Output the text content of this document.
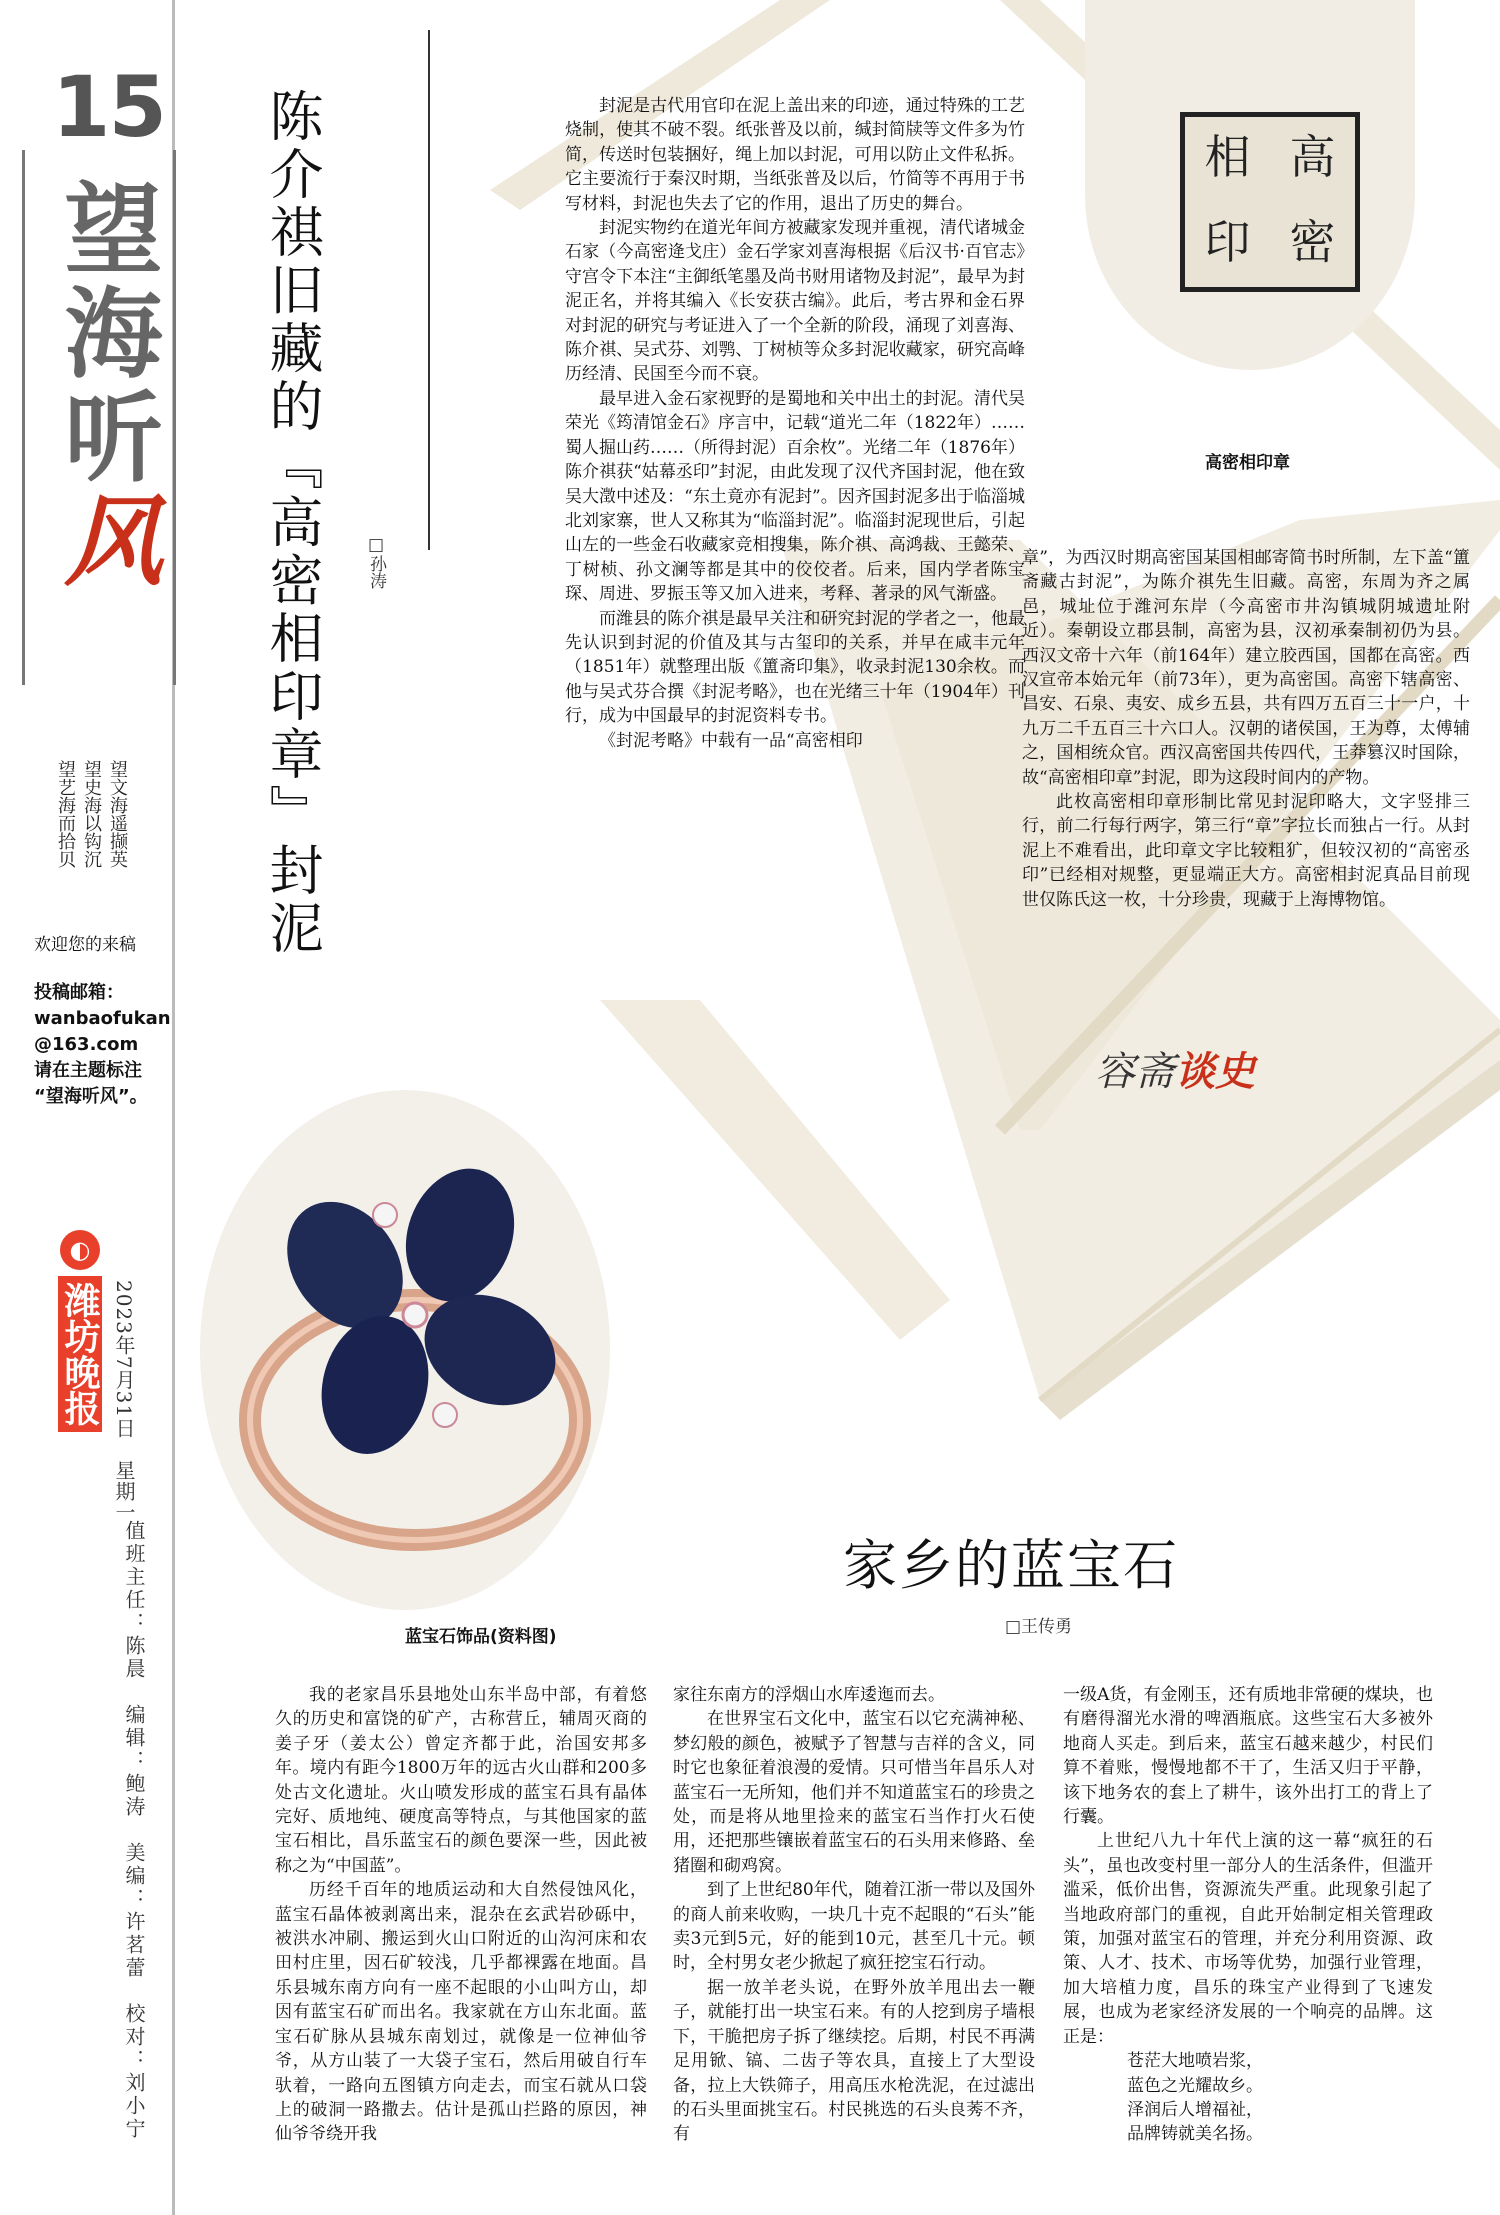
15
望海听风
望文海遥撷英
望史海以钩沉
望艺海而拾贝
欢迎您的来稿
投稿邮箱：
wanbaofukan
@163.com
请在主题标注
“望海听风”。
◐
潍坊晚报 2023年7月31日　星期一
值班主任：陈晨　编辑：鲍涛　美编：许茗蕾　校对：刘小宁
陈介祺旧藏的『高密相印章』封泥 □孙涛

封泥是古代用官印在泥上盖出来的印迹，通过特殊的工艺烧制，使其不破不裂。纸张普及以前，缄封简牍等文件多为竹简，传送时包装捆好，绳上加以封泥，可用以防止文件私拆。它主要流行于秦汉时期，当纸张普及以后，竹简等不再用于书写材料，封泥也失去了它的作用，退出了历史的舞台。

封泥实物约在道光年间方被藏家发现并重视，清代诸城金石家（今高密逄戈庄）金石学家刘喜海根据《后汉书·百官志》守宫令下本注“主御纸笔墨及尚书财用诸物及封泥”，最早为封泥正名，并将其编入《长安获古编》。此后，考古界和金石界对封泥的研究与考证进入了一个全新的阶段，涌现了刘喜海、陈介祺、吴式芬、刘鹗、丁树桢等众多封泥收藏家，研究高峰历经清、民国至今而不衰。

最早进入金石家视野的是蜀地和关中出土的封泥。清代吴荣光《筠清馆金石》序言中，记载“道光二年（1822年）……蜀人掘山药……（所得封泥）百余枚”。光绪二年（1876年）陈介祺获“姑幕丞印”封泥，由此发现了汉代齐国封泥，他在致吴大澂中述及：“东土竟亦有泥封”。因齐国封泥多出于临淄城北刘家寨，世人又称其为“临淄封泥”。临淄封泥现世后，引起山左的一些金石收藏家竞相搜集，陈介祺、高鸿裁、王懿荣、丁树桢、孙文澜等都是其中的佼佼者。后来，国内学者陈宝琛、周进、罗振玉等又加入进来，考释、著录的风气渐盛。

而潍县的陈介祺是最早关注和研究封泥的学者之一，他最先认识到封泥的价值及其与古玺印的关系，并早在咸丰元年（1851年）就整理出版《簠斋印集》，收录封泥130余枚。而他与吴式芬合撰《封泥考略》，也在光绪三十年（1904年）刊行，成为中国最早的封泥资料专书。

《封泥考略》中载有一品“高密相印

相 高
印 密
高密相印章

章”，为西汉时期高密国某国相邮寄简书时所制，左下盖“簠斋藏古封泥”，为陈介祺先生旧藏。高密，东周为齐之属邑，城址位于潍河东岸（今高密市井沟镇城阴城遗址附近）。秦朝设立郡县制，高密为县，汉初承秦制初仍为县。西汉文帝十六年（前164年）建立胶西国，国都在高密。西汉宣帝本始元年（前73年），更为高密国。高密下辖高密、昌安、石泉、夷安、成乡五县，共有四万五百三十一户，十九万二千五百三十六口人。汉朝的诸侯国，王为尊，太傅辅之，国相统众官。西汉高密国共传四代，王莽篡汉时国除，故“高密相印章”封泥，即为这段时间内的产物。

此枚高密相印章形制比常见封泥印略大，文字竖排三行，前二行每行两字，第三行“章”字拉长而独占一行。从封泥上不难看出，此印章文字比较粗犷，但较汉初的“高密丞印”已经相对规整，更显端正大方。高密相封泥真品目前现世仅陈氏这一枚，十分珍贵，现藏于上海博物馆。

容斋谈史
蓝宝石饰品(资料图)
家乡的蓝宝石
□王传勇

我的老家昌乐县地处山东半岛中部，有着悠久的历史和富饶的矿产，古称营丘，辅周灭商的姜子牙（姜太公）曾定齐都于此，治国安邦多年。境内有距今1800万年的远古火山群和200多处古文化遗址。火山喷发形成的蓝宝石具有晶体完好、质地纯、硬度高等特点，与其他国家的蓝宝石相比，昌乐蓝宝石的颜色要深一些，因此被称之为“中国蓝”。

历经千百年的地质运动和大自然侵蚀风化，蓝宝石晶体被剥离出来，混杂在玄武岩砂砾中，被洪水冲刷、搬运到火山口附近的山沟河床和农田村庄里，因石矿较浅，几乎都裸露在地面。昌乐县城东南方向有一座不起眼的小山叫方山，却因有蓝宝石矿而出名。我家就在方山东北面。蓝宝石矿脉从县城东南划过，就像是一位神仙爷爷，从方山装了一大袋子宝石，然后用破自行车驮着，一路向五图镇方向走去，而宝石就从口袋上的破洞一路撒去。估计是孤山拦路的原因，神仙爷爷绕开我

家往东南方的浮烟山水库逶迤而去。

在世界宝石文化中，蓝宝石以它充满神秘、梦幻般的颜色，被赋予了智慧与吉祥的含义，同时它也象征着浪漫的爱情。只可惜当年昌乐人对蓝宝石一无所知，他们并不知道蓝宝石的珍贵之处，而是将从地里捡来的蓝宝石当作打火石使用，还把那些镶嵌着蓝宝石的石头用来修路、垒猪圈和砌鸡窝。

到了上世纪80年代，随着江浙一带以及国外的商人前来收购，一块几十克不起眼的“石头”能卖3元到5元，好的能到10元，甚至几十元。顿时，全村男女老少掀起了疯狂挖宝石行动。

据一放羊老头说，在野外放羊甩出去一鞭子，就能打出一块宝石来。有的人挖到房子墙根下，干脆把房子拆了继续挖。后期，村民不再满足用锨、镐、二齿子等农具，直接上了大型设备，拉上大铁筛子，用高压水枪洗泥，在过滤出的石头里面挑宝石。村民挑选的石头良莠不齐，有

一级A货，有金刚玉，还有质地非常硬的煤块，也有磨得溜光水滑的啤酒瓶底。这些宝石大多被外地商人买走。到后来，蓝宝石越来越少，村民们算不着账，慢慢地都不干了，生活又归于平静，该下地务农的套上了耕牛，该外出打工的背上了行囊。

上世纪八九十年代上演的这一幕“疯狂的石头”，虽也改变村里一部分人的生活条件，但滥开滥采，低价出售，资源流失严重。此现象引起了当地政府部门的重视，自此开始制定相关管理政策，加强对蓝宝石的管理，并充分利用资源、政策、人才、技术、市场等优势，加强行业管理，加大培植力度，昌乐的珠宝产业得到了飞速发展，也成为老家经济发展的一个响亮的品牌。这正是：

苍茫大地喷岩浆，

蓝色之光耀故乡。

泽润后人增福祉，

品牌铸就美名扬。
